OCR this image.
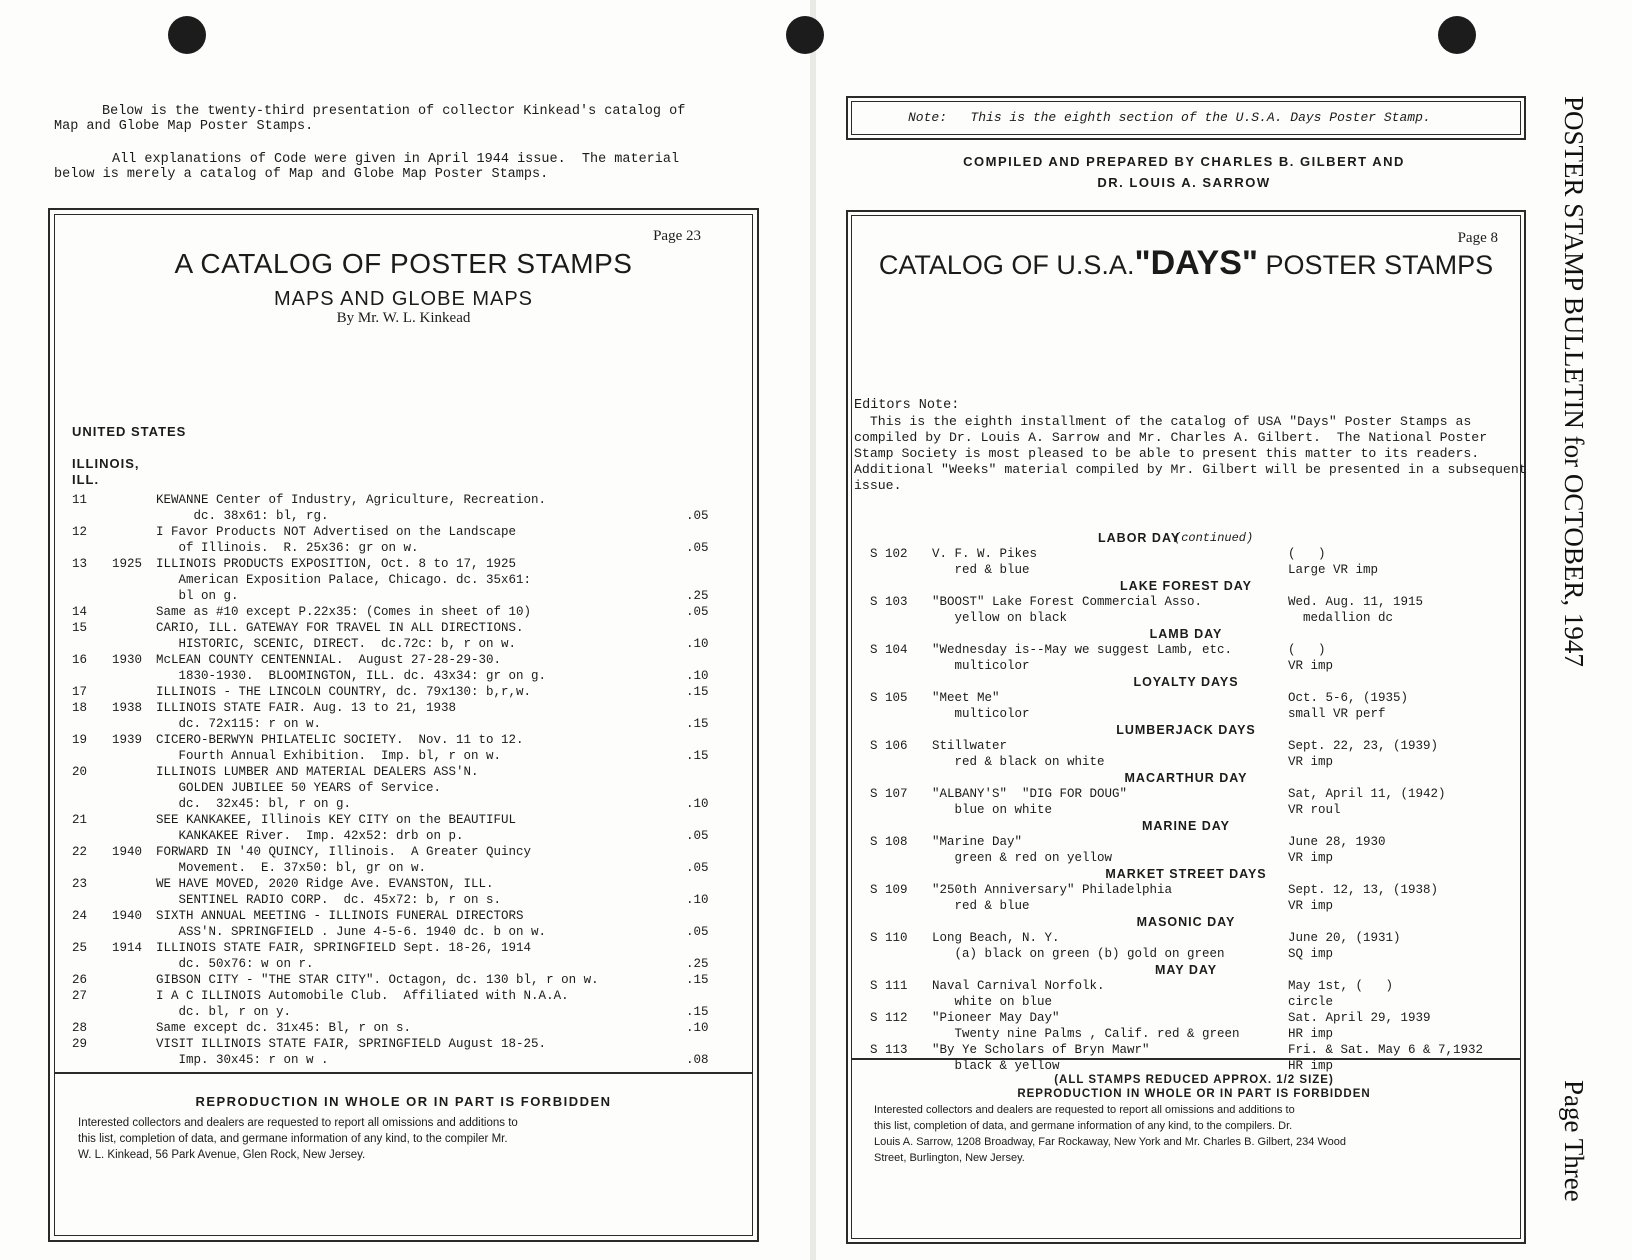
Below is the twenty-third presentation of collector Kinkead's catalog of
Map and Globe Map Poster Stamps.

All explanations of Code were given in April 1944 issue.  The material
below is merely a catalog of Map and Globe Map Poster Stamps.

Page 23
A CATALOG OF POSTER STAMPS
MAPS AND GLOBE MAPS
By Mr. W. L. Kinkead
UNITED STATES
ILLINOIS,
ILL.
11	KEWANNE Center of Industry, Agriculture, Recreation.
dc. 38x61: bl, rg.	.05
12	I Favor Products NOT Advertised on the Landscape
of Illinois.  R. 25x36: gr on w.	.05
13 1925 ILLINOIS PRODUCTS EXPOSITION, Oct. 8 to 17, 1925
American Exposition Palace, Chicago. dc. 35x61:
bl on g.	.25
14	Same as #10 except P.22x35: (Comes in sheet of 10)	.05
15	CARIO, ILL. GATEWAY FOR TRAVEL IN ALL DIRECTIONS.
HISTORIC, SCENIC, DIRECT.  dc.72c: b, r on w.	.10
16 1930 McLEAN COUNTY CENTENNIAL.  August 27-28-29-30.
1830-1930.  BLOOMINGTON, ILL. dc. 43x34: gr on g.	.10
17	ILLINOIS - THE LINCOLN COUNTRY, dc. 79x130: b,r,w.	.15
18 1938 ILLINOIS STATE FAIR. Aug. 13 to 21, 1938
dc. 72x115: r on w.	.15
19 1939 CICERO-BERWYN PHILATELIC SOCIETY.  Nov. 11 to 12.
Fourth Annual Exhibition.  Imp. bl, r on w.	.15
20	ILLINOIS LUMBER AND MATERIAL DEALERS ASS'N.
GOLDEN JUBILEE 50 YEARS of Service.
dc.  32x45: bl, r on g.	.10
21	SEE KANKAKEE, Illinois KEY CITY on the BEAUTIFUL
KANKAKEE River.  Imp. 42x52: drb on p.	.05
22 1940 FORWARD IN '40 QUINCY, Illinois.  A Greater Quincy
Movement.  E. 37x50: bl, gr on w.	.05
23	WE HAVE MOVED, 2020 Ridge Ave. EVANSTON, ILL.
SENTINEL RADIO CORP.  dc. 45x72: b, r on s.	.10
24 1940 SIXTH ANNUAL MEETING - ILLINOIS FUNERAL DIRECTORS
ASS'N. SPRINGFIELD . June 4-5-6. 1940 dc. b on w.	.05
25 1914 ILLINOIS STATE FAIR, SPRINGFIELD Sept. 18-26, 1914
dc. 50x76: w on r.	.25
26	GIBSON CITY - "THE STAR CITY". Octagon, dc. 130 bl, r on w.	.15
27	I A C ILLINOIS Automobile Club.  Affiliated with N.A.A.
dc. bl, r on y.	.15
28	Same except dc. 31x45: Bl, r on s.	.10
29	VISIT ILLINOIS STATE FAIR, SPRINGFIELD August 18-25.
Imp. 30x45: r on w .	.08

REPRODUCTION IN WHOLE OR IN PART IS FORBIDDEN

Interested collectors and dealers are requested to report all omissions and additions to
this list, completion of data, and germane information of any kind, to the compiler Mr.
W. L. Kinkead, 56 Park Avenue, Glen Rock, New Jersey.

Note:   This is the eighth section of the U.S.A. Days Poster Stamp.
COMPILED AND PREPARED BY CHARLES B. GILBERT AND
DR. LOUIS A. SARROW
Page 8
CATALOG OF U.S.A."DAYS" POSTER STAMPS
Editors Note:
This is the eighth installment of the catalog of USA "Days" Poster Stamps as
compiled by Dr. Louis A. Sarrow and Mr. Charles A. Gilbert.  The National Poster
Stamp Society is most pleased to be able to present this matter to its readers.
Additional "Weeks" material compiled by Mr. Gilbert will be presented in a subsequent
issue.
LABOR DAY
(continued)
S 102 V. F. W. Pikes	(   )
red & blue	Large VR imp
LAKE FOREST DAY
S 103 "BOOST" Lake Forest Commercial Asso.	Wed. Aug. 11, 1915
yellow on black	medallion dc
LAMB DAY
S 104 "Wednesday is--May we suggest Lamb, etc.	(   )
multicolor	VR imp
LOYALTY DAYS
S 105 "Meet Me"	Oct. 5-6, (1935)
multicolor	small VR perf
LUMBERJACK DAYS
S 106 Stillwater	Sept. 22, 23, (1939)
red & black on white	VR imp
MACARTHUR DAY
S 107 "ALBANY'S"  "DIG FOR DOUG"	Sat, April 11, (1942)
blue on white	VR roul
MARINE DAY
S 108 "Marine Day"	June 28, 1930
green & red on yellow	VR imp
MARKET STREET DAYS
S 109 "250th Anniversary" Philadelphia	Sept. 12, 13, (1938)
red & blue	VR imp
MASONIC DAY
S 110 Long Beach, N. Y.	June 20, (1931)
(a) black on green (b) gold on green	SQ imp
MAY DAY
S 111 Naval Carnival Norfolk.	May 1st, (   )
white on blue	circle
S 112 "Pioneer May Day"	Sat. April 29, 1939
Twenty nine Palms , Calif. red & green	HR imp
S 113 "By Ye Scholars of Bryn Mawr"	Fri. & Sat. May 6 & 7,1932
black & yellow	HR imp

(ALL STAMPS REDUCED APPROX. 1/2 SIZE)

REPRODUCTION IN WHOLE OR IN PART IS FORBIDDEN

Interested collectors and dealers are requested to report all omissions and additions to
this list, completion of data, and germane information of any kind, to the compilers. Dr.
Louis A. Sarrow, 1208 Broadway, Far Rockaway, New York and Mr. Charles B. Gilbert, 234 Wood
Street, Burlington, New Jersey.

POSTER STAMP BULLETIN for OCTOBER, 1947
Page Three
